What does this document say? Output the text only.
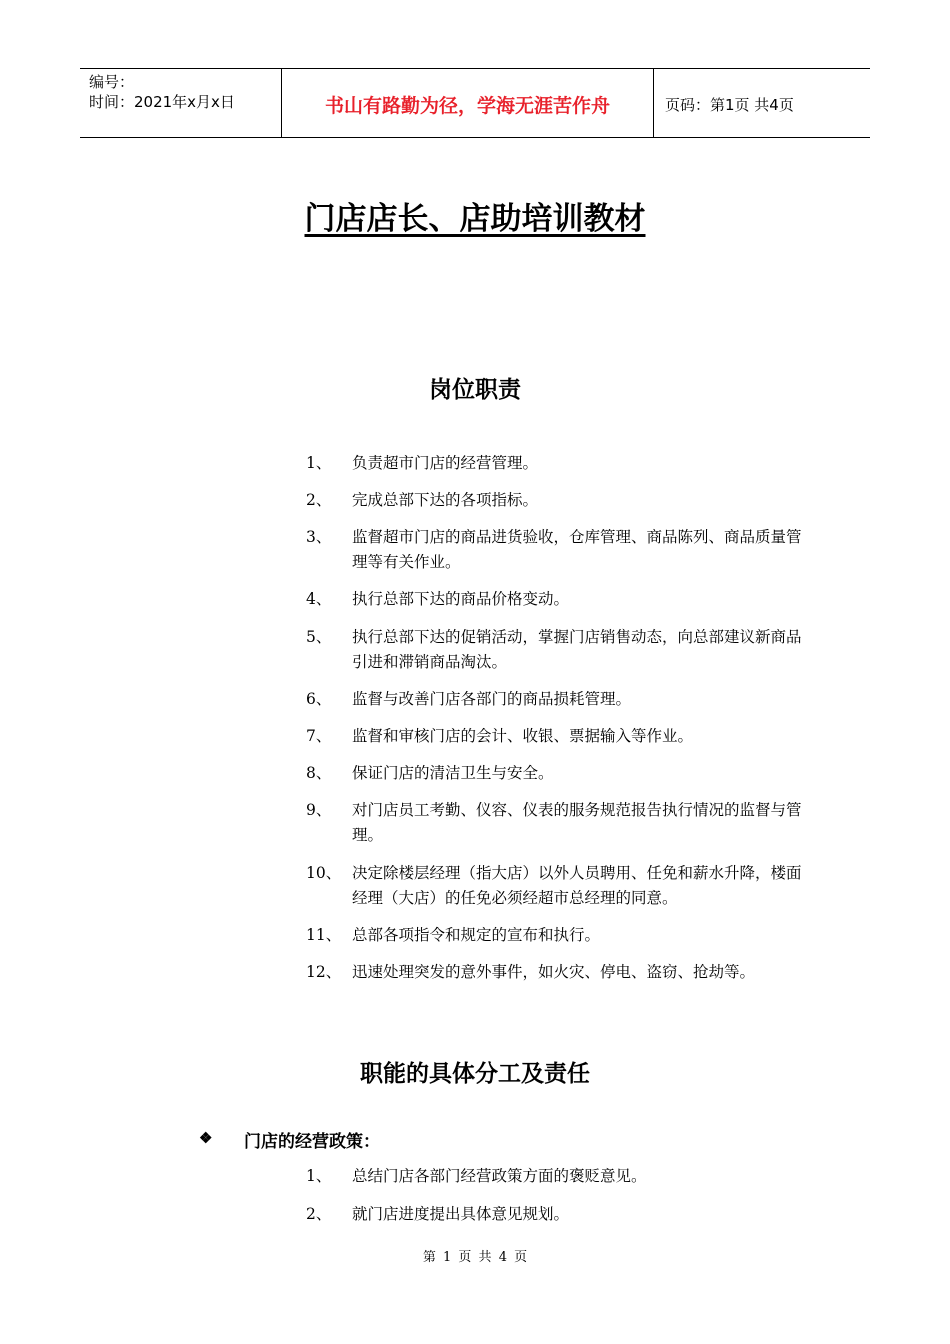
编号：
时间：2021年x月x日	书山有路勤为径，学海无涯苦作舟	页码：第1页 共4页
门店店长、店助培训教材
岗位职责
1、 负责超市门店的经营管理。
2、 完成总部下达的各项指标。
3、 监督超市门店的商品进货验收，仓库管理、商品陈列、商品质量管理等有关作业。
4、 执行总部下达的商品价格变动。
5、 执行总部下达的促销活动，掌握门店销售动态，向总部建议新商品引进和滞销商品淘汰。
6、 监督与改善门店各部门的商品损耗管理。
7、 监督和审核门店的会计、收银、票据输入等作业。
8、 保证门店的清洁卫生与安全。
9、 对门店员工考勤、仪容、仪表的服务规范报告执行情况的监督与管理。
10、 决定除楼层经理（指大店）以外人员聘用、任免和薪水升降，楼面经理（大店）的任免必须经超市总经理的同意。
11、 总部各项指令和规定的宣布和执行。
12、 迅速处理突发的意外事件，如火灾、停电、盗窃、抢劫等。
职能的具体分工及责任
❖ 门店的经营政策：
1、 总结门店各部门经营政策方面的褒贬意见。
2、 就门店进度提出具体意见规划。
第 1 页 共 4 页
